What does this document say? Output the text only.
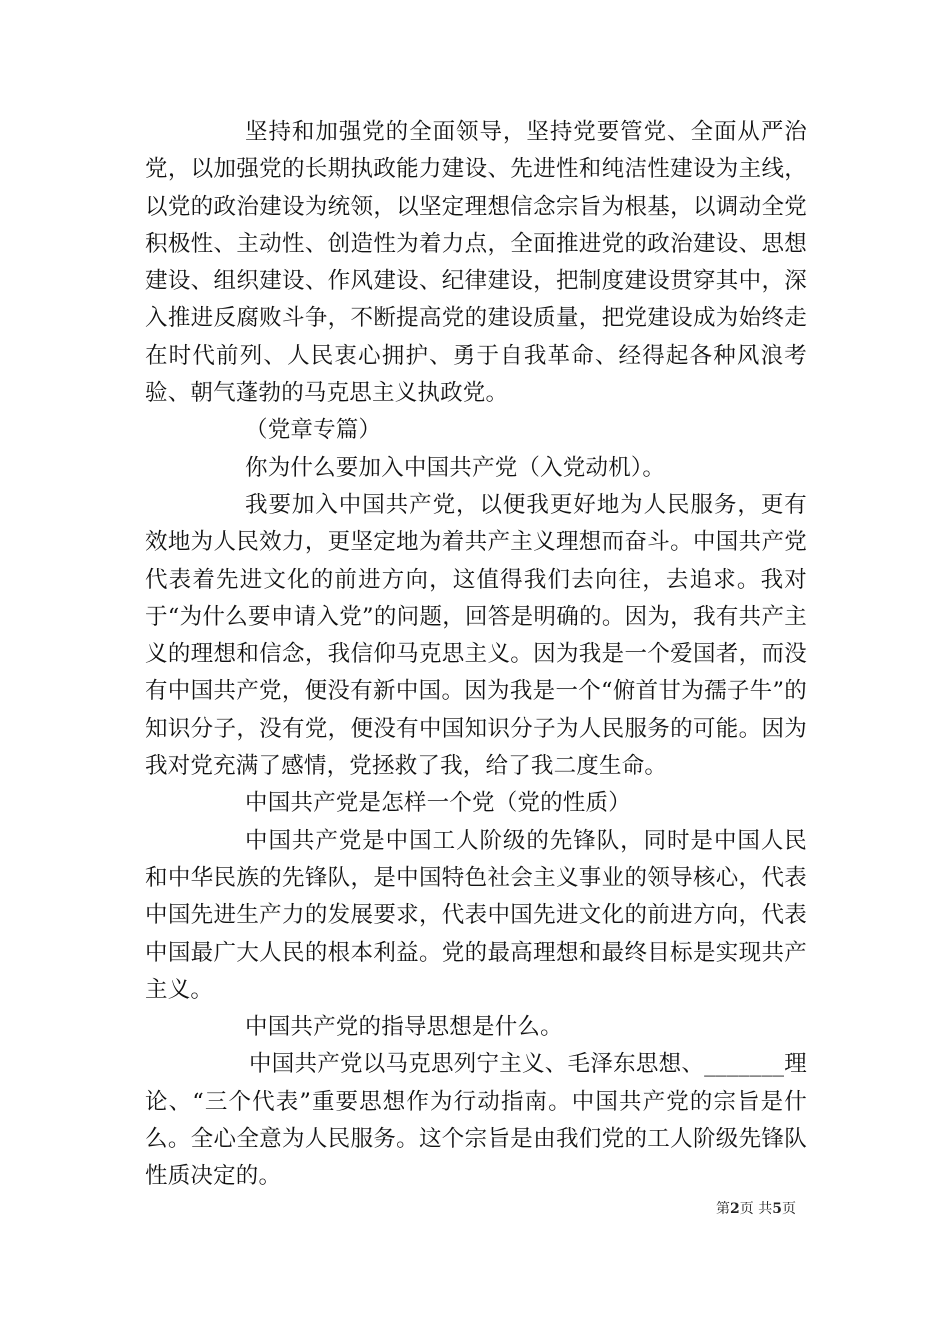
坚持和加强党的全面领导，坚持党要管党、全面从严治党，以加强党的长期执政能力建设、先进性和纯洁性建设为主线，以党的政治建设为统领，以坚定理想信念宗旨为根基，以调动全党积极性、主动性、创造性为着力点，全面推进党的政治建设、思想建设、组织建设、作风建设、纪律建设，把制度建设贯穿其中，深入推进反腐败斗争，不断提高党的建设质量，把党建设成为始终走在时代前列、人民衷心拥护、勇于自我革命、经得起各种风浪考验、朝气蓬勃的马克思主义执政党。

（党章专篇）

你为什么要加入中国共产党（入党动机）。

我要加入中国共产党，以便我更好地为人民服务，更有效地为人民效力，更坚定地为着共产主义理想而奋斗。中国共产党代表着先进文化的前进方向，这值得我们去向往，去追求。我对于“为什么要申请入党”的问题，回答是明确的。因为，我有共产主义的理想和信念，我信仰马克思主义。因为我是一个爱国者，而没有中国共产党，便没有新中国。因为我是一个“俯首甘为孺子牛”的知识分子，没有党，便没有中国知识分子为人民服务的可能。因为我对党充满了感情，党拯救了我，给了我二度生命。

中国共产党是怎样一个党（党的性质）

中国共产党是中国工人阶级的先锋队，同时是中国人民和中华民族的先锋队，是中国特色社会主义事业的领导核心，代表中国先进生产力的发展要求，代表中国先进文化的前进方向，代表中国最广大人民的根本利益。党的最高理想和最终目标是实现共产主义。

中国共产党的指导思想是什么。

中国共产党以马克思列宁主义、毛泽东思想、_______理论、“三个代表”重要思想作为行动指南。中国共产党的宗旨是什么。全心全意为人民服务。这个宗旨是由我们党的工人阶级先锋队性质决定的。

第2页 共5页
